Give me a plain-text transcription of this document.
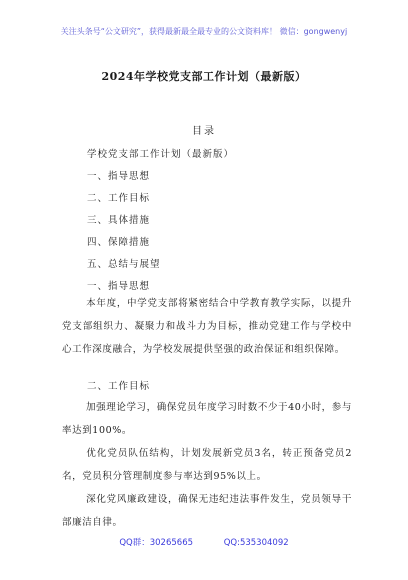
关注头条号“公文研究”，获得最新最全最专业的公文资料库！ 微信：gongwenyj
2024年学校党支部工作计划（最新版）
目录
学校党支部工作计划（最新版）
一、指导思想
二、工作目标
三、具体措施
四、保障措施
五、总结与展望
一、指导思想
本年度，中学党支部将紧密结合中学教育教学实际，以提升党支部组织力、凝聚力和战斗力为目标，推动党建工作与学校中心工作深度融合，为学校发展提供坚强的政治保证和组织保障。
二、工作目标
加强理论学习，确保党员年度学习时数不少于40小时，参与率达到100%。
优化党员队伍结构，计划发展新党员3名，转正预备党员2名，党员积分管理制度参与率达到95%以上。
深化党风廉政建设，确保无违纪违法事件发生，党员领导干部廉洁自律。
QQ群：30265665	QQ:535304092
